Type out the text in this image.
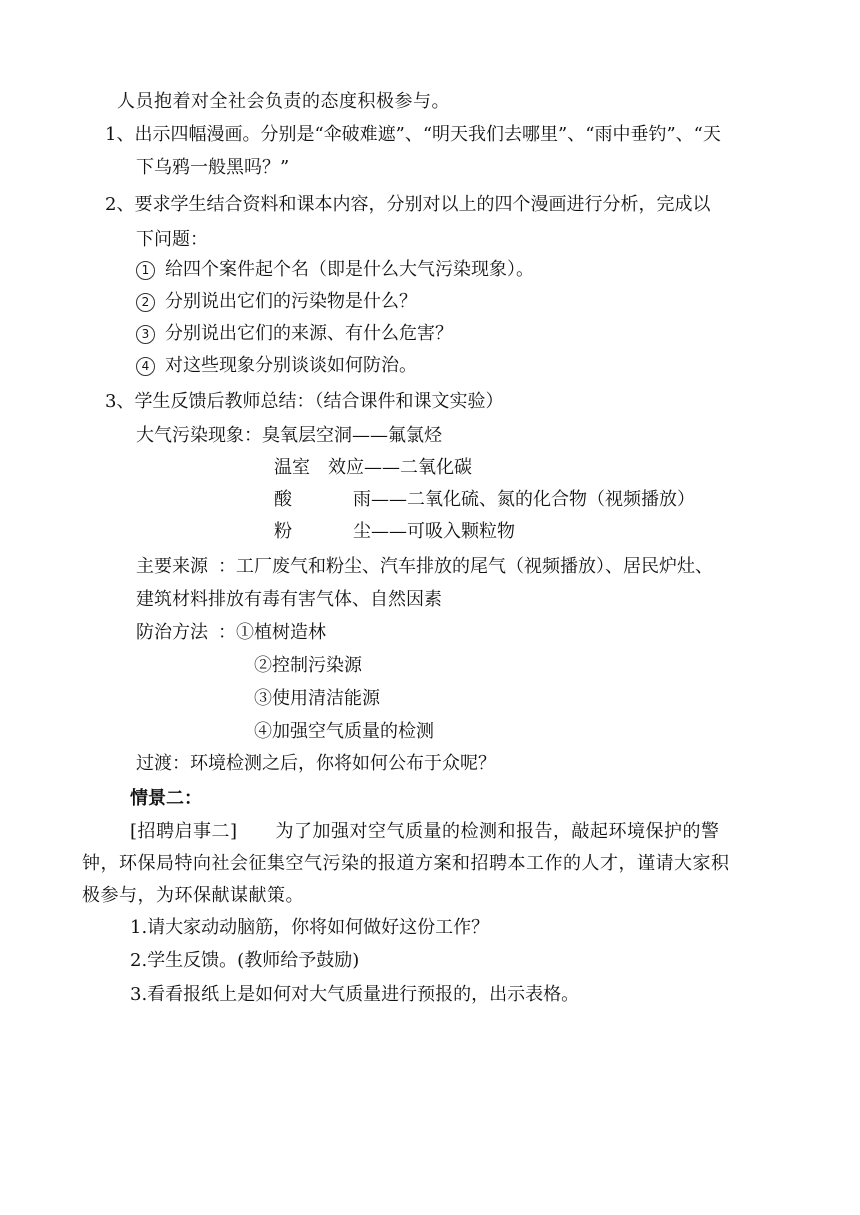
人员抱着对全社会负责的态度积极参与。
1、出示四幅漫画。分别是“伞破难遮”、“明天我们去哪里”、“雨中垂钓”、“天
下乌鸦一般黑吗？”
2、要求学生结合资料和课本内容，分别对以上的四个漫画进行分析，完成以
下问题：
1 给四个案件起个名（即是什么大气污染现象）。
2 分别说出它们的污染物是什么？
3 分别说出它们的来源、有什么危害？
4 对这些现象分别谈谈如何防治。
3、学生反馈后教师总结：（结合课件和课文实验）
大气污染现象：臭氧层空洞——氟氯烃
温室 效应——二氧化碳
酸	雨——二氧化硫、氮的化合物（视频播放）
粉	尘——可吸入颗粒物
主要来源 ：工厂废气和粉尘、汽车排放的尾气（视频播放）、居民炉灶、
建筑材料排放有毒有害气体、自然因素
防治方法 ：①植树造林
②控制污染源
③使用清洁能源
④加强空气质量的检测
过渡：环境检测之后，你将如何公布于众呢？
情景二：
[招聘启事二] 为了加强对空气质量的检测和报告，敲起环境保护的警
钟，环保局特向社会征集空气污染的报道方案和招聘本工作的人才，谨请大家积
极参与，为环保献谋献策。
1.请大家动动脑筋，你将如何做好这份工作？
2.学生反馈。(教师给予鼓励)
3.看看报纸上是如何对大气质量进行预报的，出示表格。
